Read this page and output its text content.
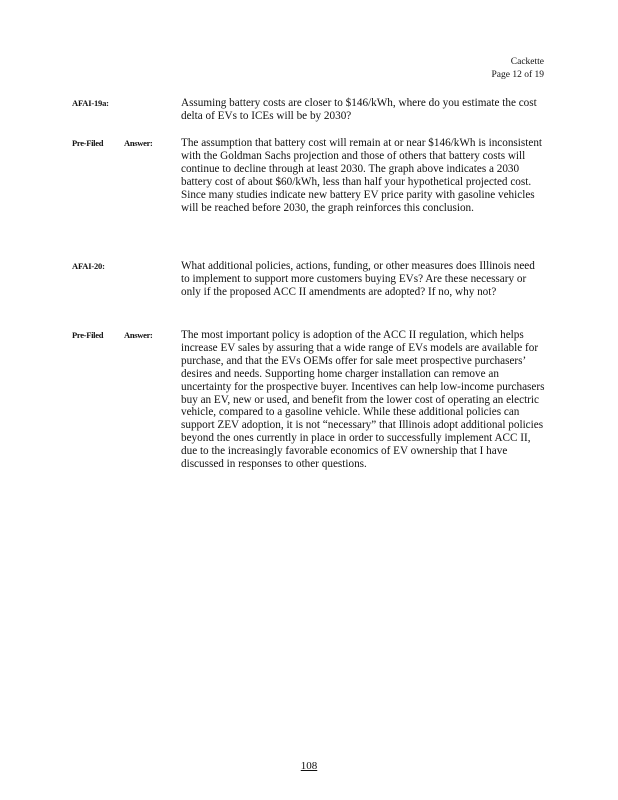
Cackette
Page 12 of 19
AFAI-19a:	Assuming battery costs are closer to $146/kWh, where do you estimate the cost delta of EVs to ICEs will be by 2030?
Pre-Filed Answer:	The assumption that battery cost will remain at or near $146/kWh is inconsistent with the Goldman Sachs projection and those of others that battery costs will continue to decline through at least 2030. The graph above indicates a 2030 battery cost of about $60/kWh, less than half your hypothetical projected cost. Since many studies indicate new battery EV price parity with gasoline vehicles will be reached before 2030, the graph reinforces this conclusion.
AFAI-20:	What additional policies, actions, funding, or other measures does Illinois need to implement to support more customers buying EVs? Are these necessary or only if the proposed ACC II amendments are adopted? If no, why not?
Pre-Filed Answer:	The most important policy is adoption of the ACC II regulation, which helps increase EV sales by assuring that a wide range of EVs models are available for purchase, and that the EVs OEMs offer for sale meet prospective purchasers’ desires and needs. Supporting home charger installation can remove an uncertainty for the prospective buyer. Incentives can help low-income purchasers buy an EV, new or used, and benefit from the lower cost of operating an electric vehicle, compared to a gasoline vehicle. While these additional policies can support ZEV adoption, it is not “necessary” that Illinois adopt additional policies beyond the ones currently in place in order to successfully implement ACC II, due to the increasingly favorable economics of EV ownership that I have discussed in responses to other questions.
108
